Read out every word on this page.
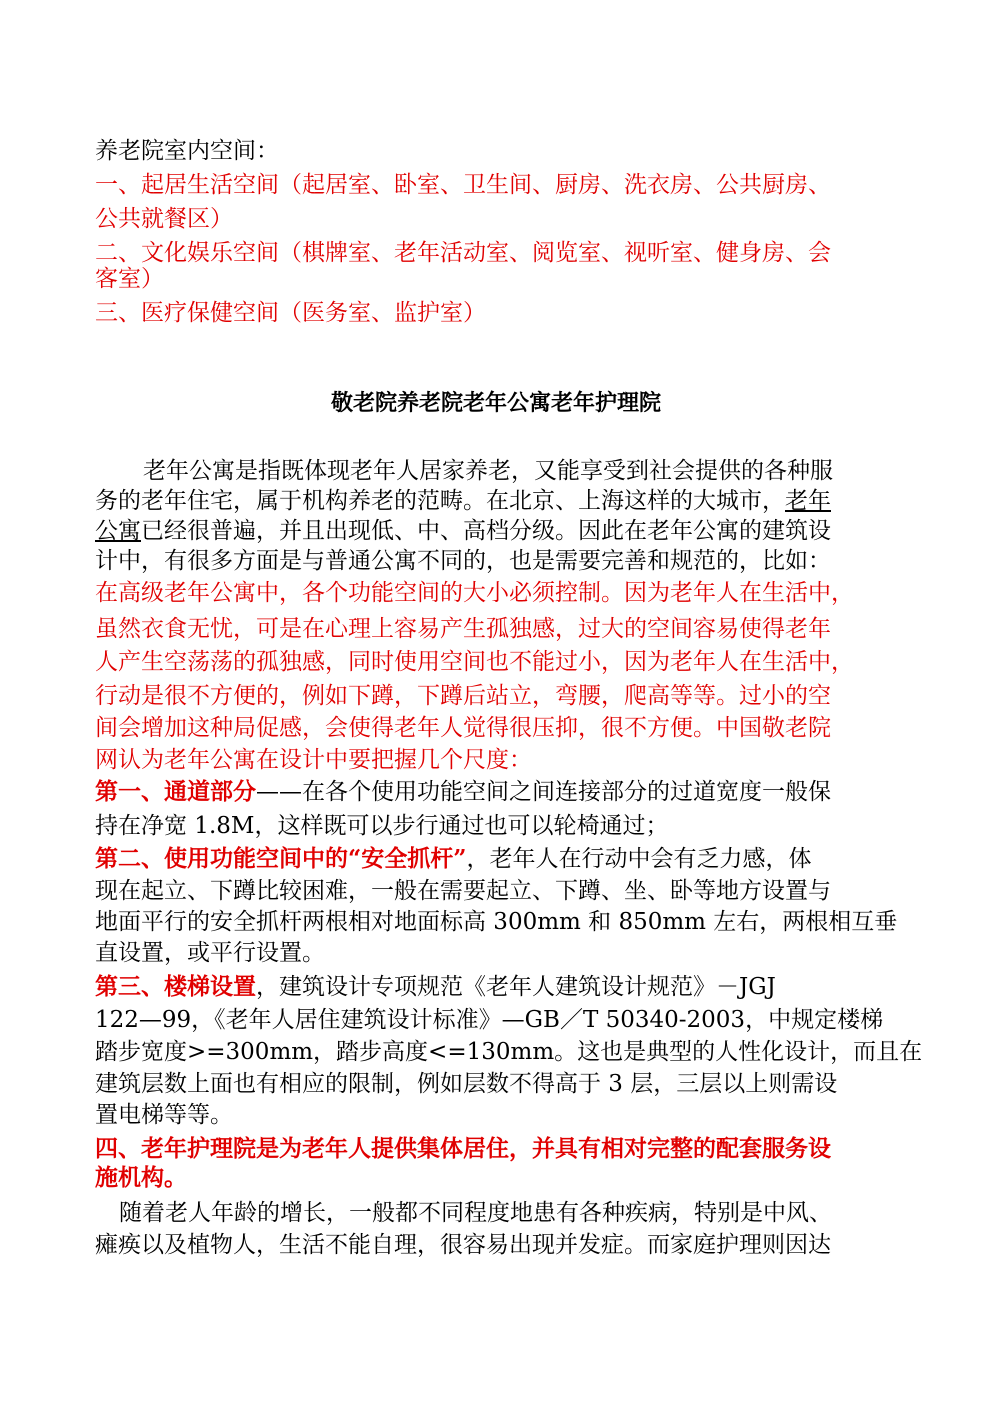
养老院室内空间：
一、起居生活空间（起居室、卧室、卫生间、厨房、洗衣房、公共厨房、
公共就餐区）
二、文化娱乐空间（棋牌室、老年活动室、阅览室、视听室、健身房、会
客室）
三、医疗保健空间（医务室、监护室）
敬老院养老院老年公寓老年护理院
老年公寓是指既体现老年人居家养老，又能享受到社会提供的各种服
务的老年住宅，属于机构养老的范畴。在北京、上海这样的大城市，老年
公寓已经很普遍，并且出现低、中、高档分级。因此在老年公寓的建筑设
计中，有很多方面是与普通公寓不同的，也是需要完善和规范的，比如：
在高级老年公寓中，各个功能空间的大小必须控制。因为老年人在生活中，
虽然衣食无忧，可是在心理上容易产生孤独感，过大的空间容易使得老年
人产生空荡荡的孤独感，同时使用空间也不能过小，因为老年人在生活中，
行动是很不方便的，例如下蹲，下蹲后站立，弯腰，爬高等等。过小的空
间会增加这种局促感，会使得老年人觉得很压抑，很不方便。中国敬老院
网认为老年公寓在设计中要把握几个尺度：
第一、通道部分——在各个使用功能空间之间连接部分的过道宽度一般保
持在净宽 1.8M，这样既可以步行通过也可以轮椅通过；
第二、使用功能空间中的“安全抓杆”，老年人在行动中会有乏力感，体
现在起立、下蹲比较困难，一般在需要起立、下蹲、坐、卧等地方设置与
地面平行的安全抓杆两根相对地面标高 300mm 和 850mm 左右，两根相互垂
直设置，或平行设置。
第三、楼梯设置，建筑设计专项规范《老年人建筑设计规范》－JGJ
122—99，《老年人居住建筑设计标准》—GB／T 50340-2003，中规定楼梯
踏步宽度>=300mm，踏步高度<=130mm。这也是典型的人性化设计，而且在
建筑层数上面也有相应的限制，例如层数不得高于 3 层，三层以上则需设
置电梯等等。
四、老年护理院是为老年人提供集体居住，并具有相对完整的配套服务设
施机构。
随着老人年龄的增长，一般都不同程度地患有各种疾病，特别是中风、
瘫痪以及植物人，生活不能自理，很容易出现并发症。而家庭护理则因达
